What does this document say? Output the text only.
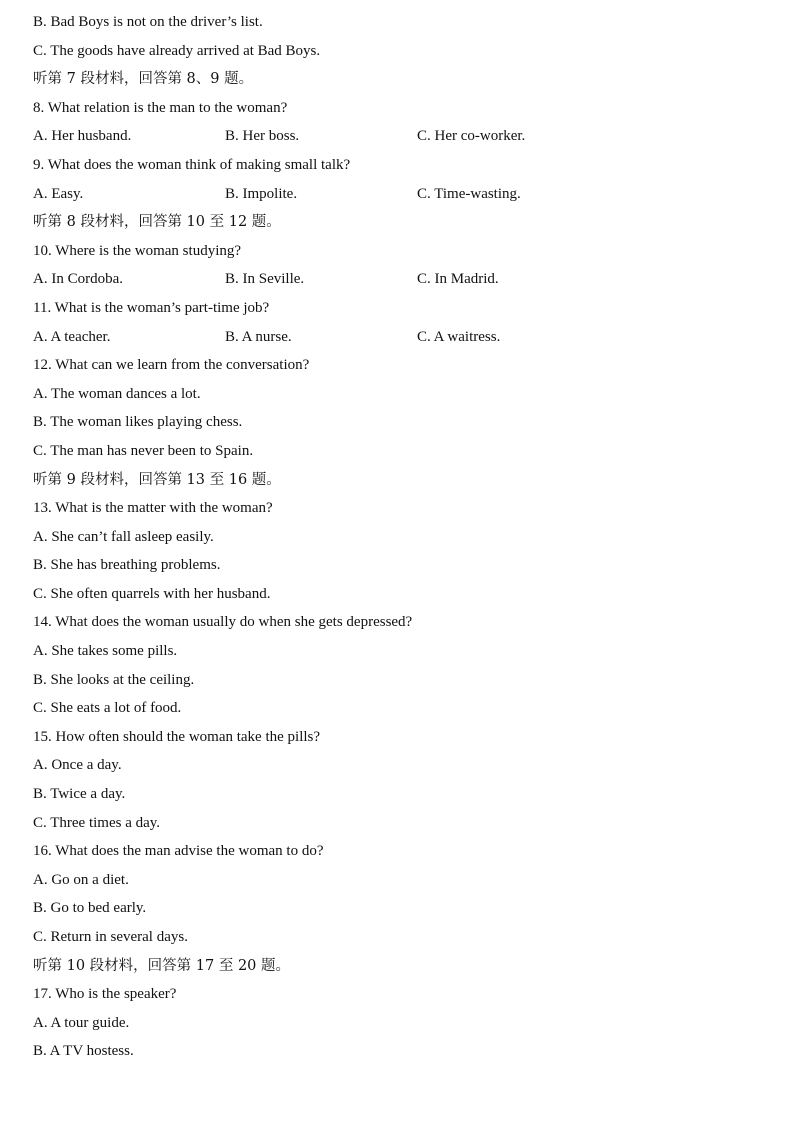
B. Bad Boys is not on the driver’s list.
C. The goods have already arrived at Bad Boys.
听第 7 段材料，回答第 8、9 题。
8. What relation is the man to the woman?
A. Her husband.	B. Her boss.	C. Her co-worker.
9. What does the woman think of making small talk?
A. Easy.	B. Impolite.	C. Time-wasting.
听第 8 段材料，回答第 10 至 12 题。
10. Where is the woman studying?
A. In Cordoba.	B. In Seville.	C. In Madrid.
11. What is the woman’s part-time job?
A. A teacher.	B. A nurse.	C. A waitress.
12. What can we learn from the conversation?
A. The woman dances a lot.
B. The woman likes playing chess.
C. The man has never been to Spain.
听第 9 段材料，回答第 13 至 16 题。
13. What is the matter with the woman?
A. She can’t fall asleep easily.
B. She has breathing problems.
C. She often quarrels with her husband.
14. What does the woman usually do when she gets depressed?
A. She takes some pills.
B. She looks at the ceiling.
C. She eats a lot of food.
15. How often should the woman take the pills?
A. Once a day.
B. Twice a day.
C. Three times a day.
16. What does the man advise the woman to do?
A. Go on a diet.
B. Go to bed early.
C. Return in several days.
听第 10 段材料，回答第 17 至 20 题。
17. Who is the speaker?
A. A tour guide.
B. A TV hostess.
